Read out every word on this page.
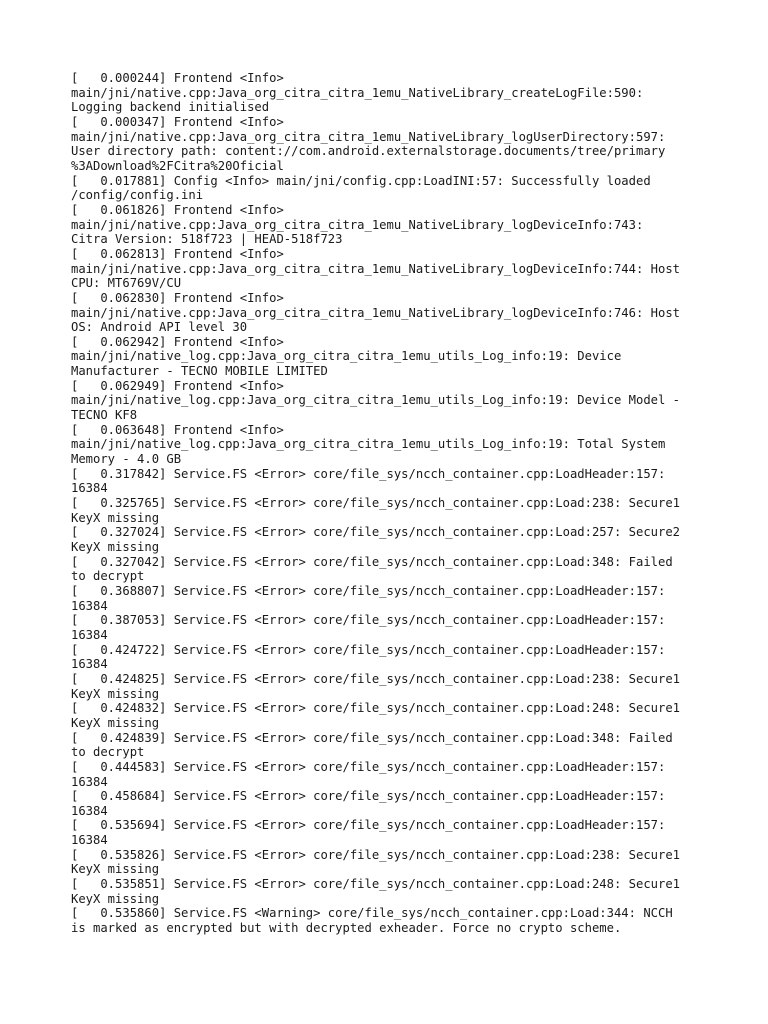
[   0.000244] Frontend <Info>
main/jni/native.cpp:Java_org_citra_citra_1emu_NativeLibrary_createLogFile:590:
Logging backend initialised
[   0.000347] Frontend <Info>
main/jni/native.cpp:Java_org_citra_citra_1emu_NativeLibrary_logUserDirectory:597:
User directory path: content://com.android.externalstorage.documents/tree/primary
%3ADownload%2FCitra%20Oficial
[   0.017881] Config <Info> main/jni/config.cpp:LoadINI:57: Successfully loaded
/config/config.ini
[   0.061826] Frontend <Info>
main/jni/native.cpp:Java_org_citra_citra_1emu_NativeLibrary_logDeviceInfo:743:
Citra Version: 518f723 | HEAD-518f723
[   0.062813] Frontend <Info>
main/jni/native.cpp:Java_org_citra_citra_1emu_NativeLibrary_logDeviceInfo:744: Host
CPU: MT6769V/CU
[   0.062830] Frontend <Info>
main/jni/native.cpp:Java_org_citra_citra_1emu_NativeLibrary_logDeviceInfo:746: Host
OS: Android API level 30
[   0.062942] Frontend <Info>
main/jni/native_log.cpp:Java_org_citra_citra_1emu_utils_Log_info:19: Device
Manufacturer - TECNO MOBILE LIMITED
[   0.062949] Frontend <Info>
main/jni/native_log.cpp:Java_org_citra_citra_1emu_utils_Log_info:19: Device Model -
TECNO KF8
[   0.063648] Frontend <Info>
main/jni/native_log.cpp:Java_org_citra_citra_1emu_utils_Log_info:19: Total System
Memory - 4.0 GB
[   0.317842] Service.FS <Error> core/file_sys/ncch_container.cpp:LoadHeader:157:
16384
[   0.325765] Service.FS <Error> core/file_sys/ncch_container.cpp:Load:238: Secure1
KeyX missing
[   0.327024] Service.FS <Error> core/file_sys/ncch_container.cpp:Load:257: Secure2
KeyX missing
[   0.327042] Service.FS <Error> core/file_sys/ncch_container.cpp:Load:348: Failed
to decrypt
[   0.368807] Service.FS <Error> core/file_sys/ncch_container.cpp:LoadHeader:157:
16384
[   0.387053] Service.FS <Error> core/file_sys/ncch_container.cpp:LoadHeader:157:
16384
[   0.424722] Service.FS <Error> core/file_sys/ncch_container.cpp:LoadHeader:157:
16384
[   0.424825] Service.FS <Error> core/file_sys/ncch_container.cpp:Load:238: Secure1
KeyX missing
[   0.424832] Service.FS <Error> core/file_sys/ncch_container.cpp:Load:248: Secure1
KeyX missing
[   0.424839] Service.FS <Error> core/file_sys/ncch_container.cpp:Load:348: Failed
to decrypt
[   0.444583] Service.FS <Error> core/file_sys/ncch_container.cpp:LoadHeader:157:
16384
[   0.458684] Service.FS <Error> core/file_sys/ncch_container.cpp:LoadHeader:157:
16384
[   0.535694] Service.FS <Error> core/file_sys/ncch_container.cpp:LoadHeader:157:
16384
[   0.535826] Service.FS <Error> core/file_sys/ncch_container.cpp:Load:238: Secure1
KeyX missing
[   0.535851] Service.FS <Error> core/file_sys/ncch_container.cpp:Load:248: Secure1
KeyX missing
[   0.535860] Service.FS <Warning> core/file_sys/ncch_container.cpp:Load:344: NCCH
is marked as encrypted but with decrypted exheader. Force no crypto scheme.
